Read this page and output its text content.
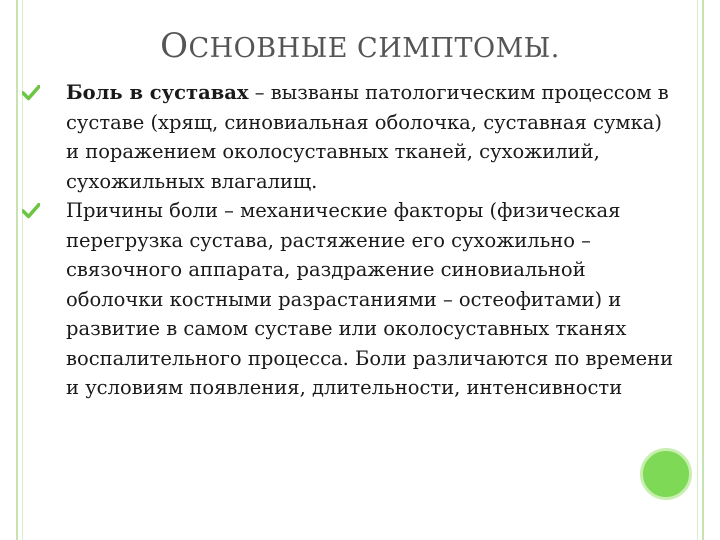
ОСНОВНЫЕ СИМПТОМЫ.

Боль в суставах – вызваны патологическим процессом в суставе (хрящ, синовиальная оболочка, суставная сумка) и поражением околосуставных тканей, сухожилий, сухожильных влагалищ.

Причины боли – механические факторы (физическая перегрузка сустава, растяжение его сухожильно – связочного аппарата, раздражение синовиальной оболочки костными разрастаниями – остеофитами) и развитие в самом суставе или околосуставных тканях воспалительного процесса. Боли различаются по времени и условиям появления, длительности, интенсивности
